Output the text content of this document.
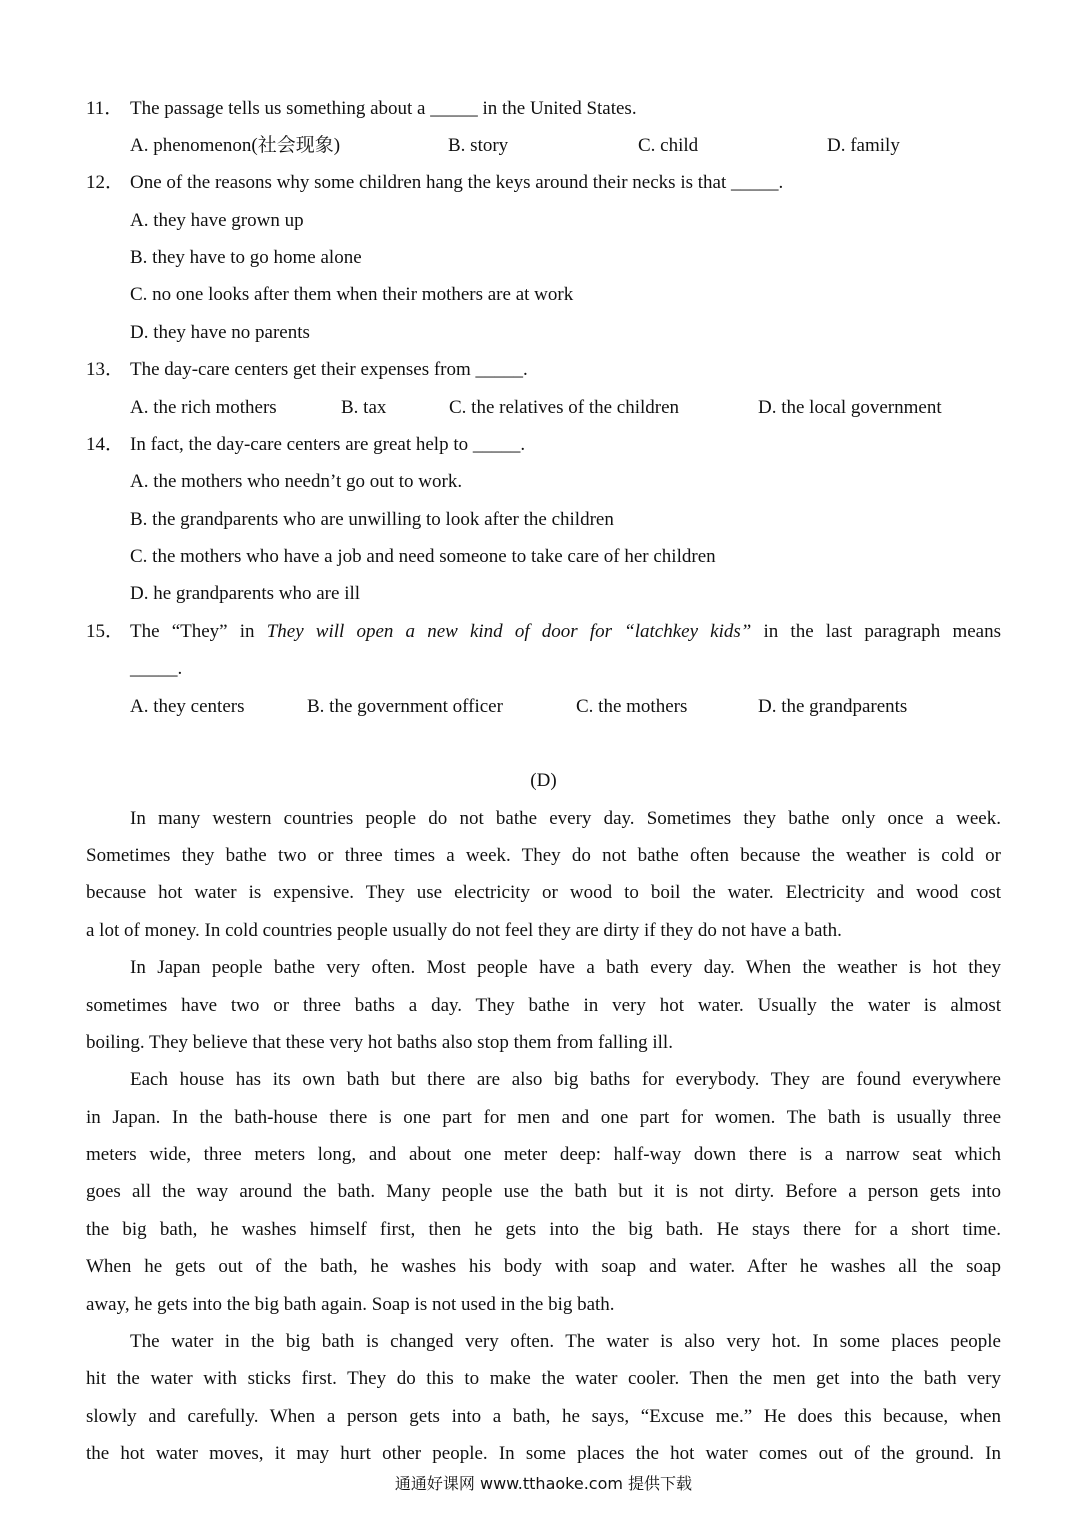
11． The passage tells us something about a _____ in the United States.
A. phenomenon(社会现象)	B. story	C. child	D. family
12． One of the reasons why some children hang the keys around their necks is that _____.
A. they have grown up
B. they have to go home alone
C. no one looks after them when their mothers are at work
D. they have no parents
13． The day-care centers get their expenses from _____.
A. the rich mothers	B. tax	C. the relatives of the children	D. the local government
14． In fact, the day-care centers are great help to _____.
A. the mothers who needn’t go out to work.
B. the grandparents who are unwilling to look after the children
C. the mothers who have a job and need someone to take care of her children
D. he grandparents who are ill
15． The “They” in They will open a new kind of door for “latchkey kids” in the last paragraph means
_____.
A. they centers	B. the government officer	C. the mothers	D. the grandparents
(D)
In many western countries people do not bathe every day. Sometimes they bathe only once a week.
Sometimes they bathe two or three times a week. They do not bathe often because the weather is cold or
because hot water is expensive. They use electricity or wood to boil the water. Electricity and wood cost
a lot of money. In cold countries people usually do not feel they are dirty if they do not have a bath.
In Japan people bathe very often. Most people have a bath every day. When the weather is hot they
sometimes have two or three baths a day. They bathe in very hot water. Usually the water is almost
boiling. They believe that these very hot baths also stop them from falling ill.
Each house has its own bath but there are also big baths for everybody. They are found everywhere
in Japan. In the bath-house there is one part for men and one part for women. The bath is usually three
meters wide, three meters long, and about one meter deep: half-way down there is a narrow seat which
goes all the way around the bath. Many people use the bath but it is not dirty. Before a person gets into
the big bath, he washes himself first, then he gets into the big bath. He stays there for a short time.
When he gets out of the bath, he washes his body with soap and water. After he washes all the soap
away, he gets into the big bath again. Soap is not used in the big bath.
The water in the big bath is changed very often. The water is also very hot. In some places people
hit the water with sticks first. They do this to make the water cooler. Then the men get into the bath very
slowly and carefully. When a person gets into a bath, he says, “Excuse me.” He does this because, when
the hot water moves, it may hurt other people. In some places the hot water comes out of the ground. In
通通好课网 www.tthaoke.com 提供下载
